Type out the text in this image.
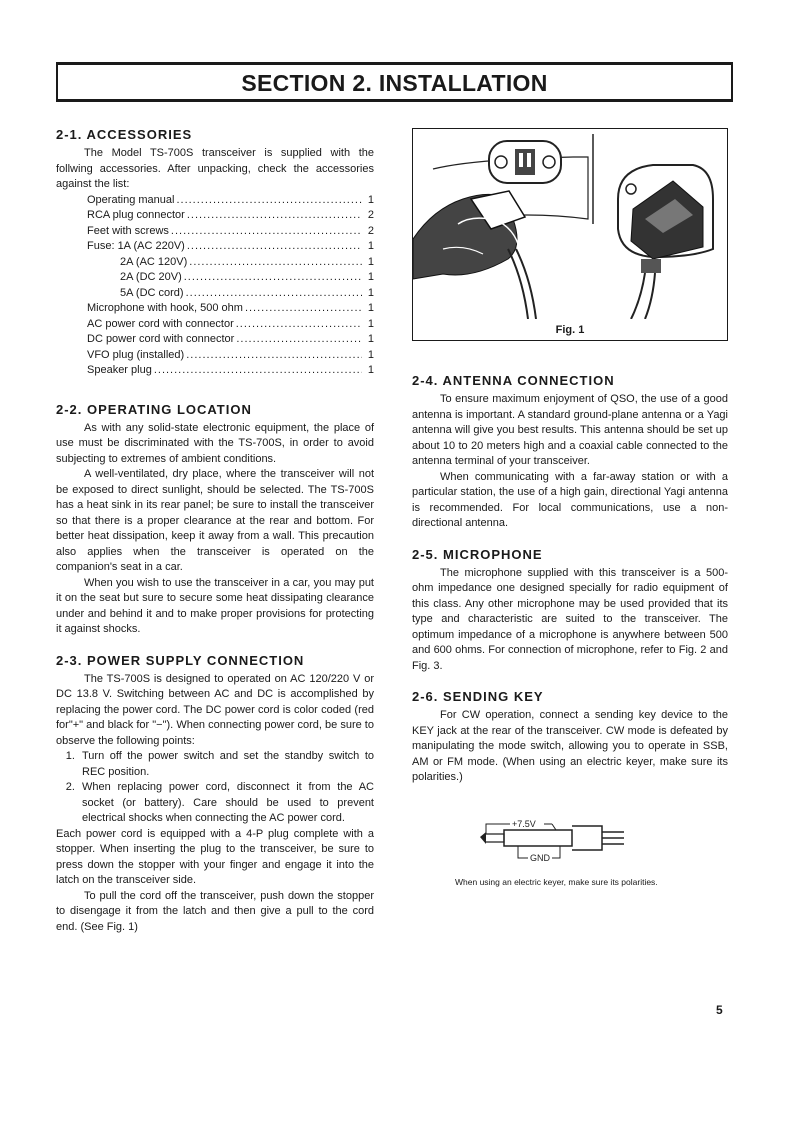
SECTION 2. INSTALLATION
2-1. ACCESSORIES

The Model TS-700S transceiver is supplied with the follwing accessories. After unpacking, check the accessories against the list:

Operating manual .....	1
RCA plug connector .....	2
Feet with screws .....	2
Fuse: 1A (AC 220V) .....	1
2A (AC 120V) .....	1
2A (DC 20V) .....	1
5A (DC cord) .....	1
Microphone with hook, 500 ohm .....	1
AC power cord with connector .....	1
DC power cord with connector .....	1
VFO plug (installed) .....	1
Speaker plug .....	1
2-2. OPERATING LOCATION

As with any solid-state electronic equipment, the place of use must be discriminated with the TS-700S, in order to avoid subjecting to extremes of ambient conditions.

A well-ventilated, dry place, where the transceiver will not be exposed to direct sunlight, should be selected. The TS-700S has a heat sink in its rear panel; be sure to install the transceiver so that there is a proper clearance at the rear and bottom. For better heat dissipation, keep it away from a wall. This precaution also applies when the transceiver is operated on the companion's seat in a car.

When you wish to use the transceiver in a car, you may put it on the seat but sure to secure some heat dissipating clearance under and behind it and to make proper provisions for protecting it against shocks.

2-3. POWER SUPPLY CONNECTION

The TS-700S is designed to operated on AC 120/220 V or DC 13.8 V. Switching between AC and DC is accomplished by replacing the power cord. The DC power cord is color coded (red for"+" and black for "−"). When connecting power cord, be sure to observe the following points:

1. Turn off the power switch and set the standby switch to REC position.
2. When replacing power cord, disconnect it from the AC socket (or battery). Care should be used to prevent electrical shocks when connecting the AC power cord.

Each power cord is equipped with a 4-P plug complete with a stopper. When inserting the plug to the transceiver, be sure to press down the stopper with your finger and engage it into the latch on the transceiver side.

To pull the cord off the transceiver, push down the stopper to disengage it from the latch and then give a pull to the cord end. (See Fig. 1)

Fig. 1
2-4. ANTENNA CONNECTION

To ensure maximum enjoyment of QSO, the use of a good antenna is important. A standard ground-plane antenna or a Yagi antenna will give you best results. This antenna should be set up about 10 to 20 meters high and a coaxial cable connected to the antenna terminal of your transceiver.

When communicating with a far-away station or with a particular station, the use of a high gain, directional Yagi antenna is recommended. For local communications, use a non-directional antenna.

2-5. MICROPHONE

The microphone supplied with this transceiver is a 500-ohm impedance one designed specially for radio equipment of this class. Any other microphone may be used provided that its type and characteristic are suited to the transceiver. The optimum impedance of a microphone is anywhere between 500 and 600 ohms. For connection of microphone, refer to Fig. 2 and Fig. 3.

2-6. SENDING KEY

For CW operation, connect a sending key device to the KEY jack at the rear of the transceiver. CW mode is defeated by manipulating the mode switch, allowing you to operate in SSB, AM or FM mode. (When using an electric keyer, make sure its polarities.)

+7.5V
GND
When using an electric keyer, make sure its polarities.
5
